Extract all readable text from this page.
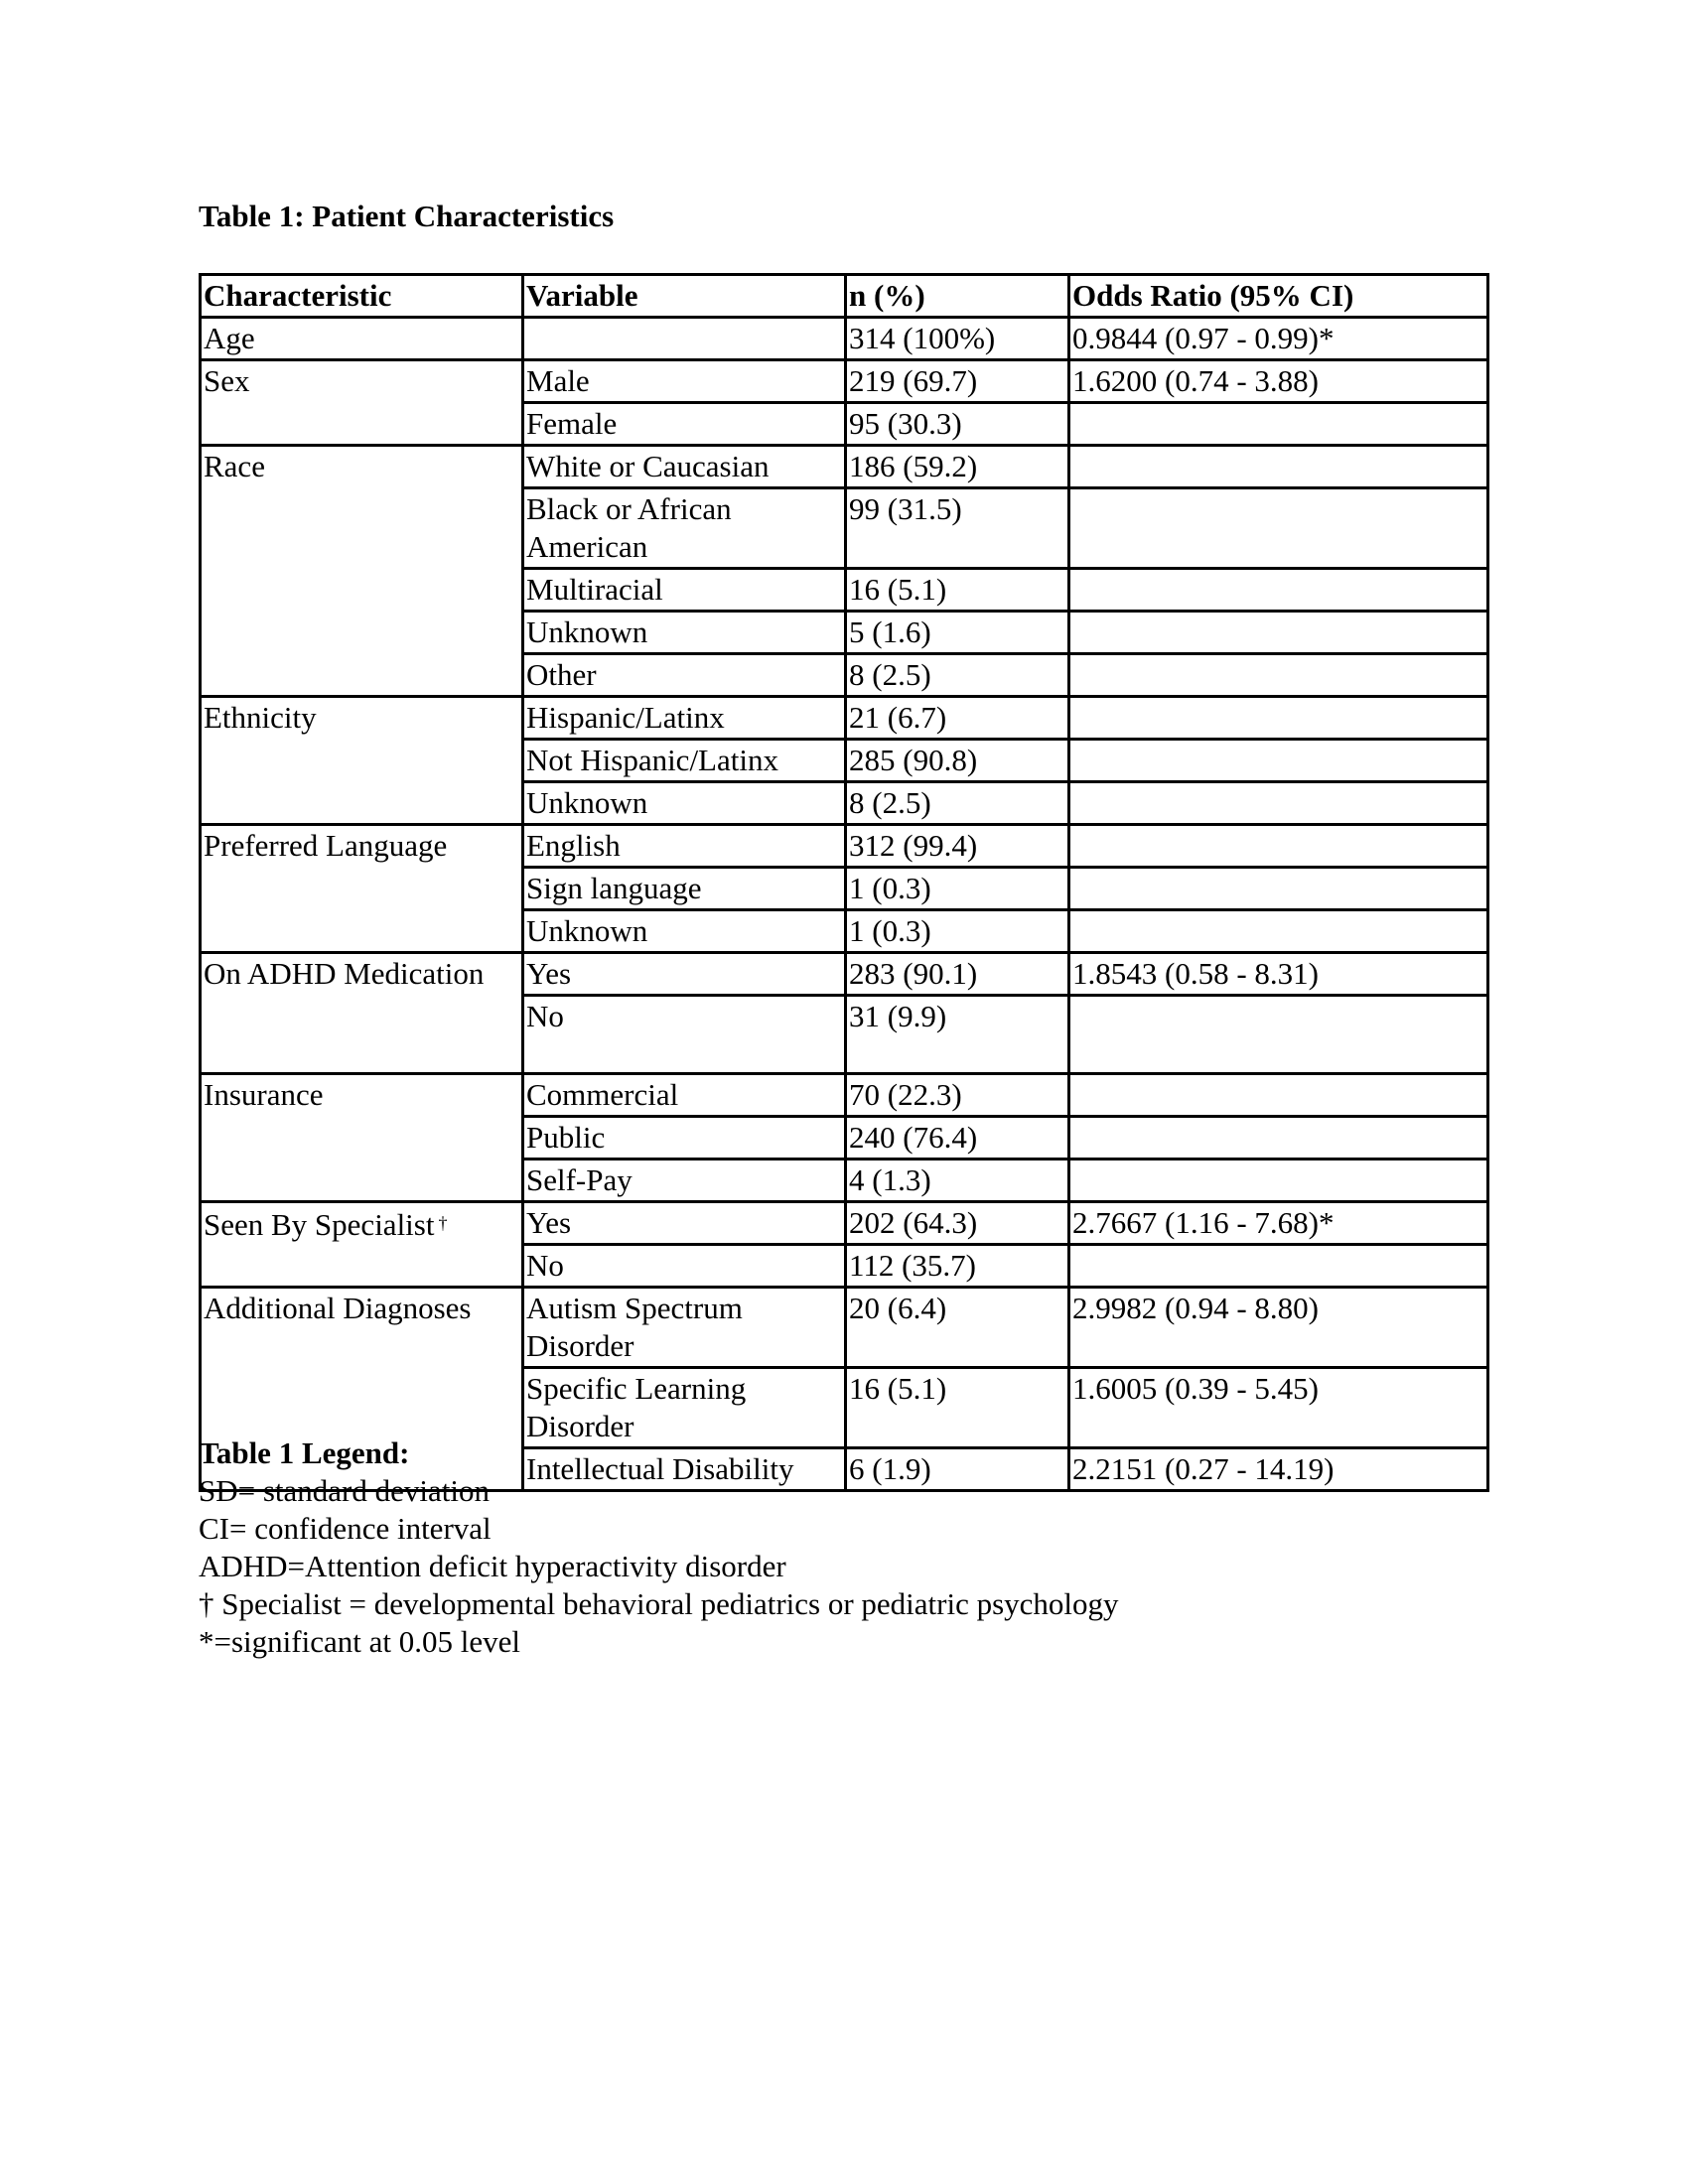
Table 1: Patient Characteristics
Characteristic	Variable	n (%)	Odds Ratio (95% CI)
Age		314 (100%)	0.9844 (0.97 - 0.99)*
Sex	Male	219 (69.7)	1.6200 (0.74 - 3.88)
	Female	95 (30.3)	
Race	White or Caucasian	186 (59.2)	
	Black or African American	99 (31.5)	
	Multiracial	16 (5.1)	
	Unknown	5 (1.6)	
	Other	8 (2.5)	
Ethnicity	Hispanic/Latinx	21 (6.7)	
	Not Hispanic/Latinx	285 (90.8)	
	Unknown	8 (2.5)	
Preferred Language	English	312 (99.4)	
	Sign language	1 (0.3)	
	Unknown	1 (0.3)	
On ADHD Medication	Yes	283 (90.1)	1.8543 (0.58 - 8.31)
	No	31 (9.9)	
Insurance	Commercial	70 (22.3)	
	Public	240 (76.4)	
	Self-Pay	4 (1.3)	
Seen By Specialist †	Yes	202 (64.3)	2.7667 (1.16 - 7.68)*
	No	112 (35.7)	
Additional Diagnoses	Autism Spectrum Disorder	20 (6.4)	2.9982 (0.94 - 8.80)
	Specific Learning Disorder	16 (5.1)	1.6005 (0.39 - 5.45)
	Intellectual Disability	6 (1.9)	2.2151 (0.27 - 14.19)
Table 1 Legend:
SD= standard deviation
CI= confidence interval
ADHD=Attention deficit hyperactivity disorder
† Specialist = developmental behavioral pediatrics or pediatric psychology
*=significant at 0.05 level
